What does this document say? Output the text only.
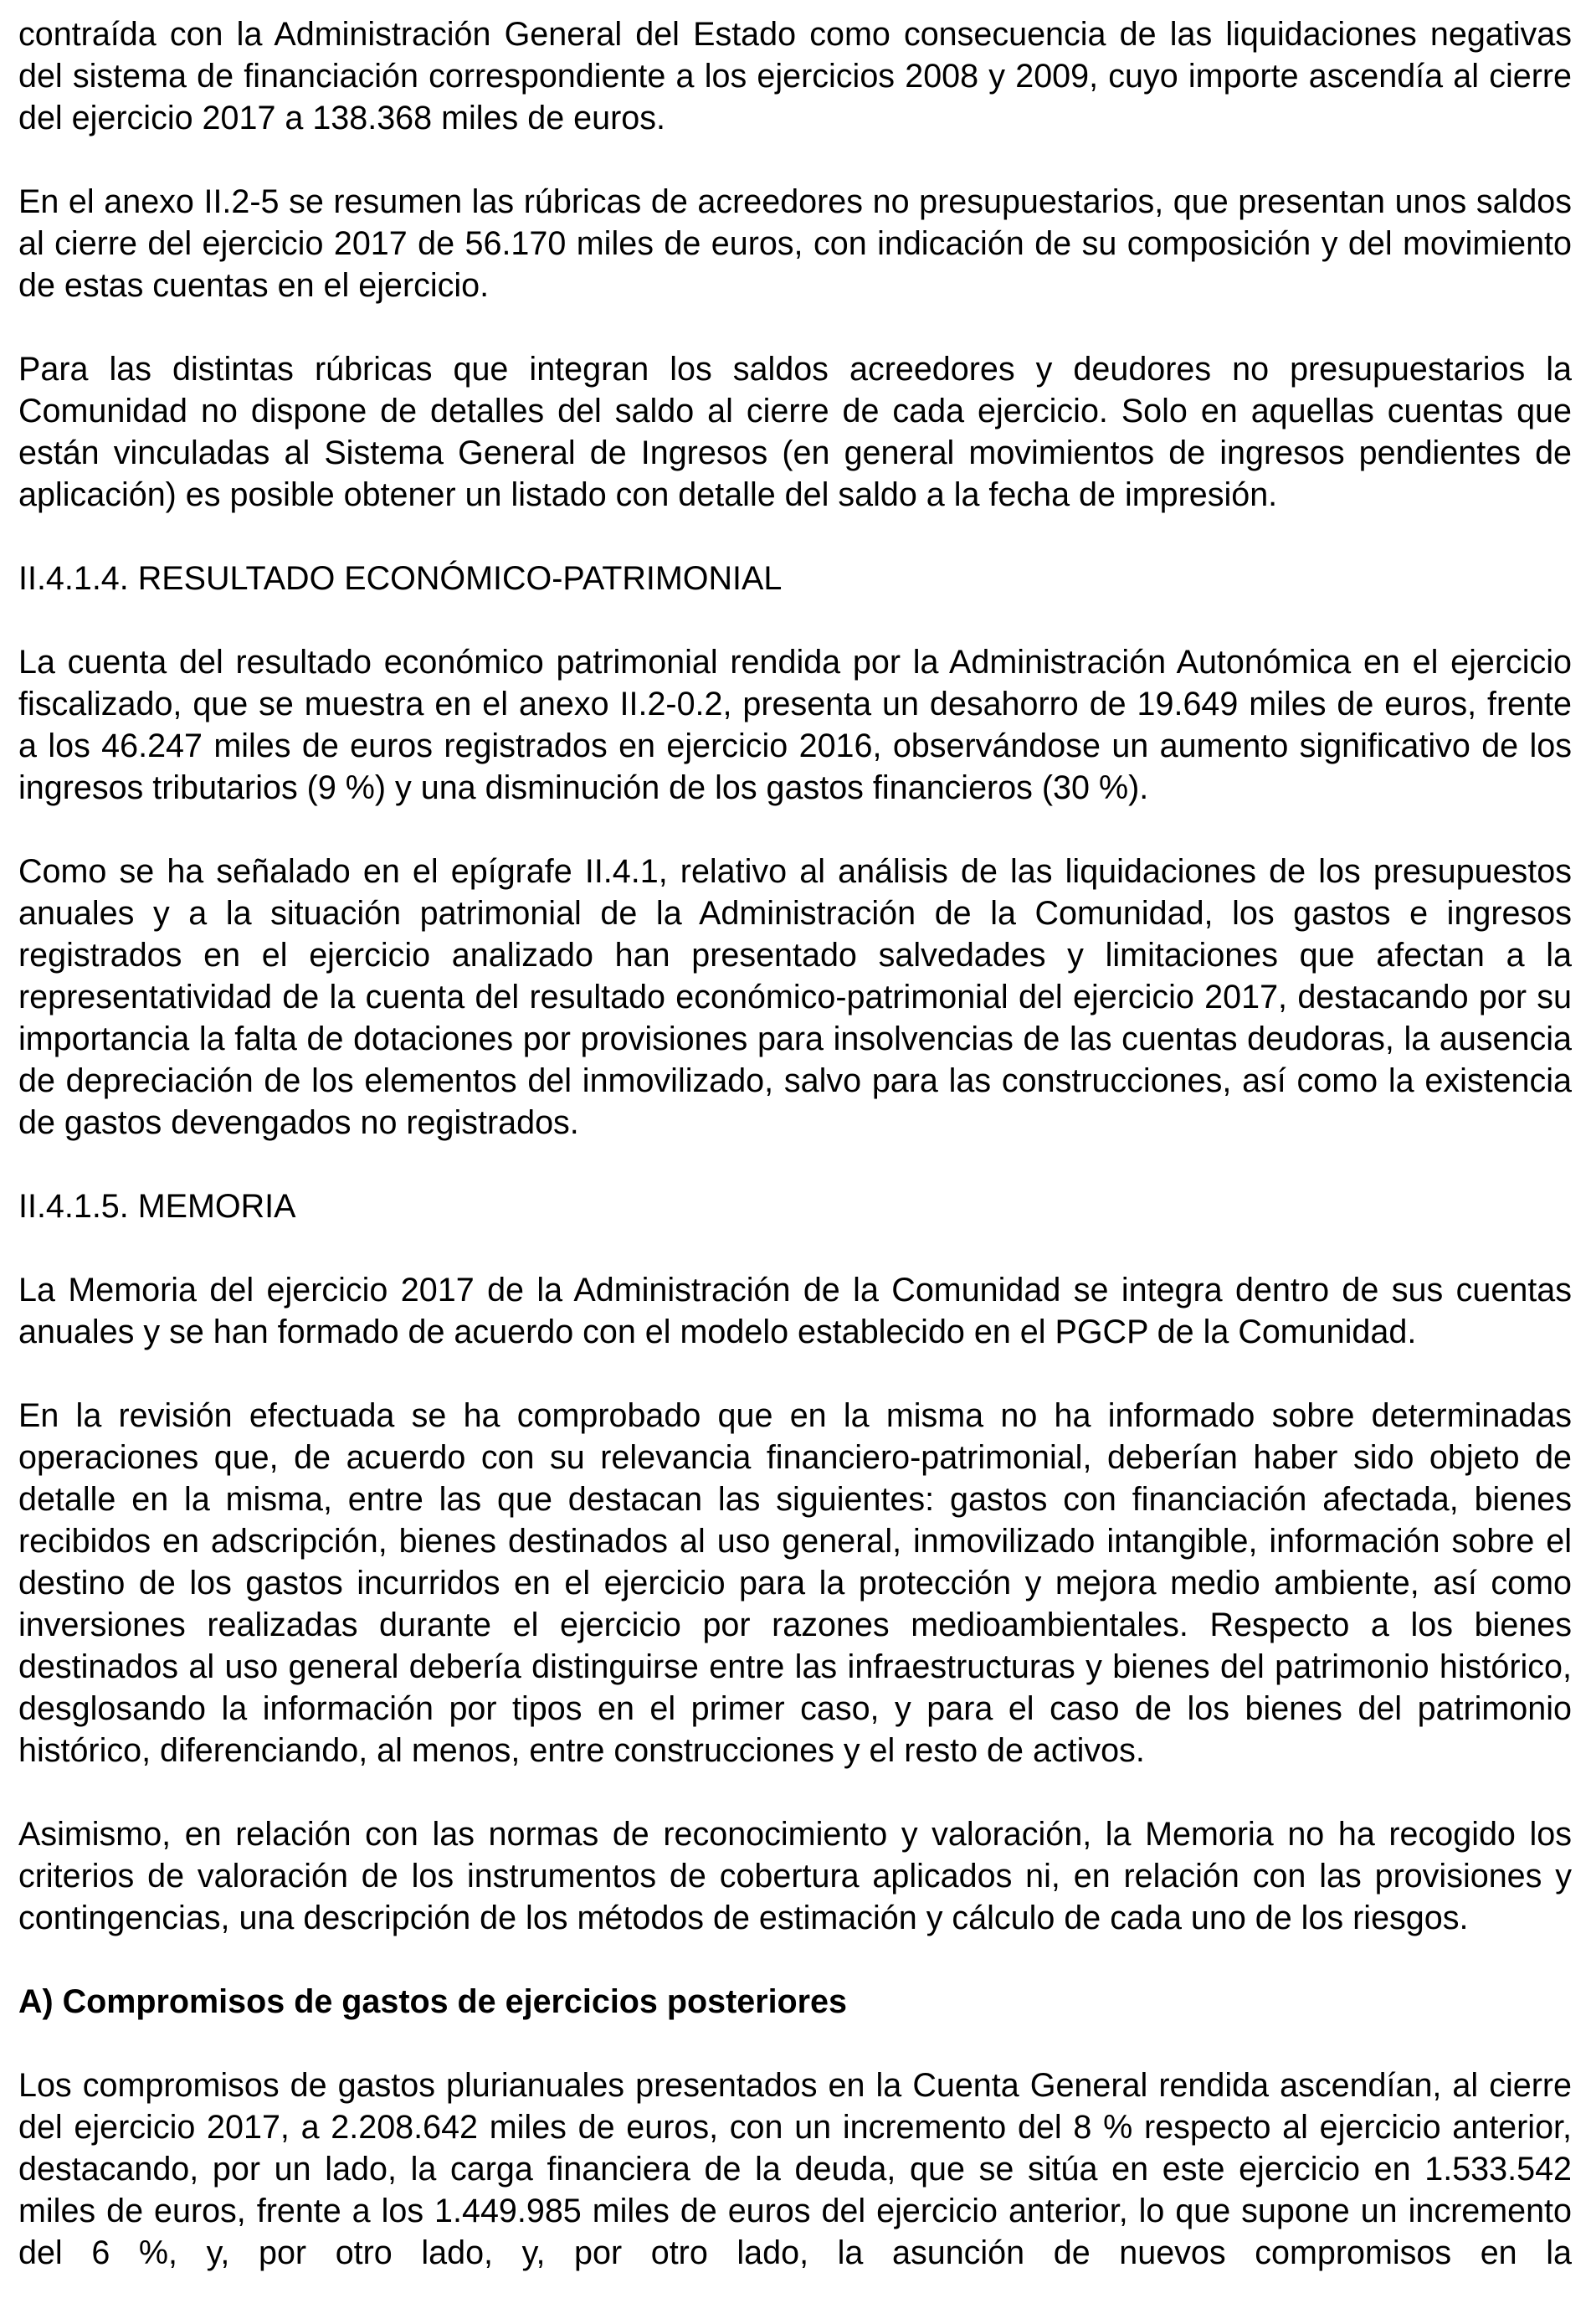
contraída con la Administración General del Estado como consecuencia de las liquidaciones negativas del sistema de financiación correspondiente a los ejercicios 2008 y 2009, cuyo importe ascendía al cierre del ejercicio 2017 a 138.368 miles de euros.

En el anexo II.2-5 se resumen las rúbricas de acreedores no presupuestarios, que presentan unos saldos al cierre del ejercicio 2017 de 56.170 miles de euros, con indicación de su composición y del movimiento de estas cuentas en el ejercicio.

Para las distintas rúbricas que integran los saldos acreedores y deudores no presupuestarios la Comunidad no dispone de detalles del saldo al cierre de cada ejercicio. Solo en aquellas cuentas que están vinculadas al Sistema General de Ingresos (en general movimientos de ingresos pendientes de aplicación) es posible obtener un listado con detalle del saldo a la fecha de impresión.

II.4.1.4. RESULTADO ECONÓMICO-PATRIMONIAL

La cuenta del resultado económico patrimonial rendida por la Administración Autonómica en el ejercicio fiscalizado, que se muestra en el anexo II.2-0.2, presenta un desahorro de 19.649 miles de euros, frente a los 46.247 miles de euros registrados en ejercicio 2016, observándose un aumento significativo de los ingresos tributarios (9 %) y una disminución de los gastos financieros (30 %).

Como se ha señalado en el epígrafe II.4.1, relativo al análisis de las liquidaciones de los presupuestos anuales y a la situación patrimonial de la Administración de la Comunidad, los gastos e ingresos registrados en el ejercicio analizado han presentado salvedades y limitaciones que afectan a la representatividad de la cuenta del resultado económico-patrimonial del ejercicio 2017, destacando por su importancia la falta de dotaciones por provisiones para insolvencias de las cuentas deudoras, la ausencia de depreciación de los elementos del inmovilizado, salvo para las construcciones, así como la existencia de gastos devengados no registrados.

II.4.1.5. MEMORIA

La Memoria del ejercicio 2017 de la Administración de la Comunidad se integra dentro de sus cuentas anuales y se han formado de acuerdo con el modelo establecido en el PGCP de la Comunidad.

En la revisión efectuada se ha comprobado que en la misma no ha informado sobre determinadas operaciones que, de acuerdo con su relevancia financiero-patrimonial, deberían haber sido objeto de detalle en la misma, entre las que destacan las siguientes: gastos con financiación afectada, bienes recibidos en adscripción, bienes destinados al uso general, inmovilizado intangible, información sobre el destino de los gastos incurridos en el ejercicio para la protección y mejora medio ambiente, así como inversiones realizadas durante el ejercicio por razones medioambientales. Respecto a los bienes destinados al uso general debería distinguirse entre las infraestructuras y bienes del patrimonio histórico, desglosando la información por tipos en el primer caso, y para el caso de los bienes del patrimonio histórico, diferenciando, al menos, entre construcciones y el resto de activos.

Asimismo, en relación con las normas de reconocimiento y valoración, la Memoria no ha recogido los criterios de valoración de los instrumentos de cobertura aplicados ni, en relación con las provisiones y contingencias, una descripción de los métodos de estimación y cálculo de cada uno de los riesgos.

A) Compromisos de gastos de ejercicios posteriores

Los compromisos de gastos plurianuales presentados en la Cuenta General rendida ascendían, al cierre del ejercicio 2017, a 2.208.642 miles de euros, con un incremento del 8 % respecto al ejercicio anterior, destacando, por un lado, la carga financiera de la deuda, que se sitúa en este ejercicio en 1.533.542 miles de euros, frente a los 1.449.985 miles de euros del ejercicio anterior, lo que supone un incremento del 6 %, y, por otro lado, y, por otro lado, la asunción de nuevos compromisos en la
